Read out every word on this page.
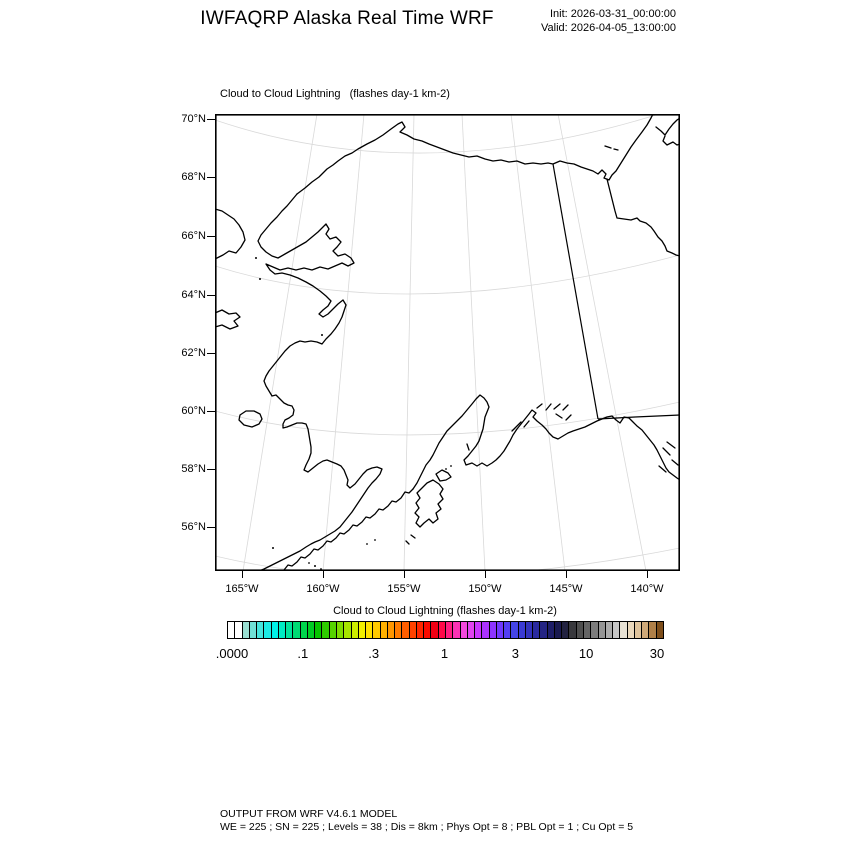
IWFAQRP Alaska Real Time WRF	Init: 2026-03-31_00:00:00
Valid: 2026-04-05_13:00:00
Cloud to Cloud Lightning   (flashes day-1 km-2)
70°N
68°N
66°N
64°N
62°N
60°N
58°N
56°N
165°W	160°W	155°W	150°W	145°W	140°W
Cloud to Cloud Lightning (flashes day-1 km-2)
.0000	.1	.3	1	3	10	30
OUTPUT FROM WRF V4.6.1 MODEL
WE = 225 ; SN = 225 ; Levels = 38 ; Dis = 8km ; Phys Opt = 8 ; PBL Opt = 1 ; Cu Opt = 5
